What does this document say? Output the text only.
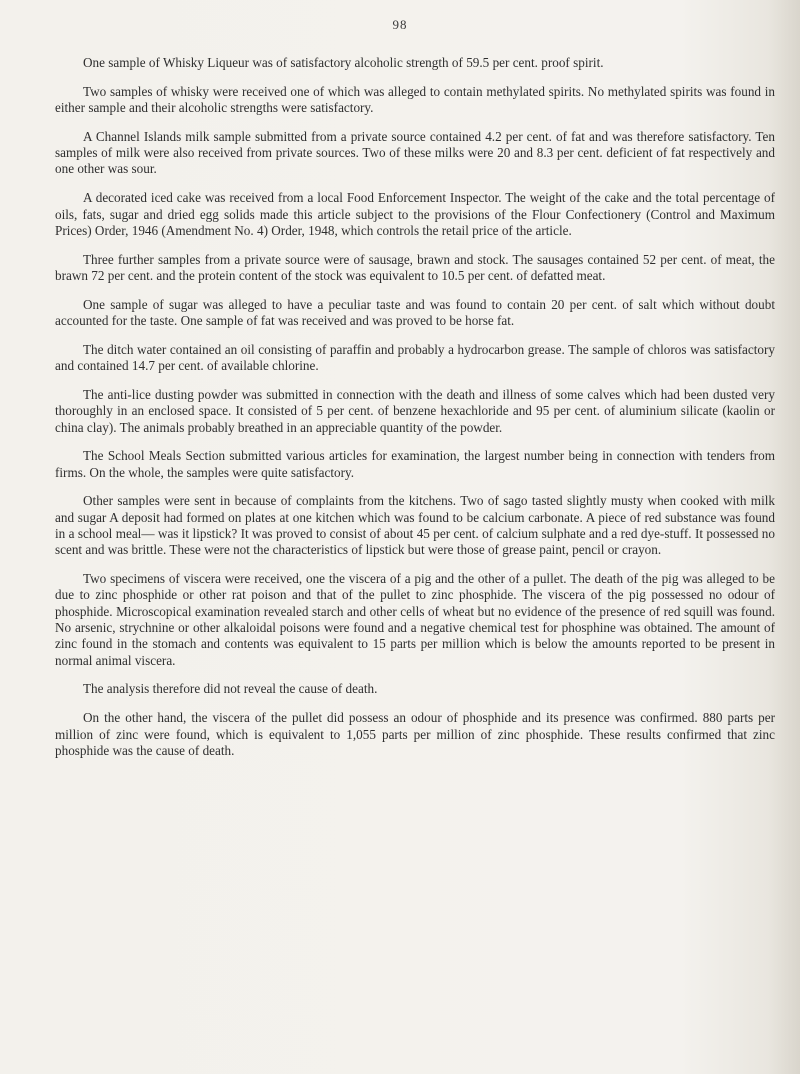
98

One sample of Whisky Liqueur was of satisfactory alcoholic strength of 59.5 per cent. proof spirit.

Two samples of whisky were received one of which was alleged to contain methylated spirits. No methylated spirits was found in either sample and their alcoholic strengths were satisfactory.

A Channel Islands milk sample submitted from a private source contained 4.2 per cent. of fat and was therefore satisfactory. Ten samples of milk were also received from private sources. Two of these milks were 20 and 8.3 per cent. deficient of fat respectively and one other was sour.

A decorated iced cake was received from a local Food Enforcement Inspector. The weight of the cake and the total percentage of oils, fats, sugar and dried egg solids made this article subject to the provisions of the Flour Confectionery (Control and Maximum Prices) Order, 1946 (Amendment No. 4) Order, 1948, which controls the retail price of the article.

Three further samples from a private source were of sausage, brawn and stock. The sausages contained 52 per cent. of meat, the brawn 72 per cent. and the protein content of the stock was equivalent to 10.5 per cent. of defatted meat.

One sample of sugar was alleged to have a peculiar taste and was found to contain 20 per cent. of salt which without doubt accounted for the taste. One sample of fat was received and was proved to be horse fat.

The ditch water contained an oil consisting of paraffin and probably a hydrocarbon grease. The sample of chloros was satisfactory and contained 14.7 per cent. of available chlorine.

The anti-lice dusting powder was submitted in connection with the death and illness of some calves which had been dusted very thoroughly in an enclosed space. It consisted of 5 per cent. of benzene hexachloride and 95 per cent. of aluminium silicate (kaolin or china clay). The animals probably breathed in an appreciable quantity of the powder.

The School Meals Section submitted various articles for examination, the largest number being in connection with tenders from firms. On the whole, the samples were quite satisfactory.

Other samples were sent in because of complaints from the kitchens. Two of sago tasted slightly musty when cooked with milk and sugar A deposit had formed on plates at one kitchen which was found to be calcium carbonate. A piece of red substance was found in a school meal— was it lipstick? It was proved to consist of about 45 per cent. of calcium sulphate and a red dye-stuff. It possessed no scent and was brittle. These were not the characteristics of lipstick but were those of grease paint, pencil or crayon.

Two specimens of viscera were received, one the viscera of a pig and the other of a pullet. The death of the pig was alleged to be due to zinc phosphide or other rat poison and that of the pullet to zinc phosphide. The viscera of the pig possessed no odour of phosphide. Microscopical examination revealed starch and other cells of wheat but no evidence of the presence of red squill was found. No arsenic, strychnine or other alkaloidal poisons were found and a negative chemical test for phosphine was obtained. The amount of zinc found in the stomach and contents was equivalent to 15 parts per million which is below the amounts reported to be present in normal animal viscera.

The analysis therefore did not reveal the cause of death.

On the other hand, the viscera of the pullet did possess an odour of phosphide and its presence was confirmed. 880 parts per million of zinc were found, which is equivalent to 1,055 parts per million of zinc phosphide. These results confirmed that zinc phosphide was the cause of death.
